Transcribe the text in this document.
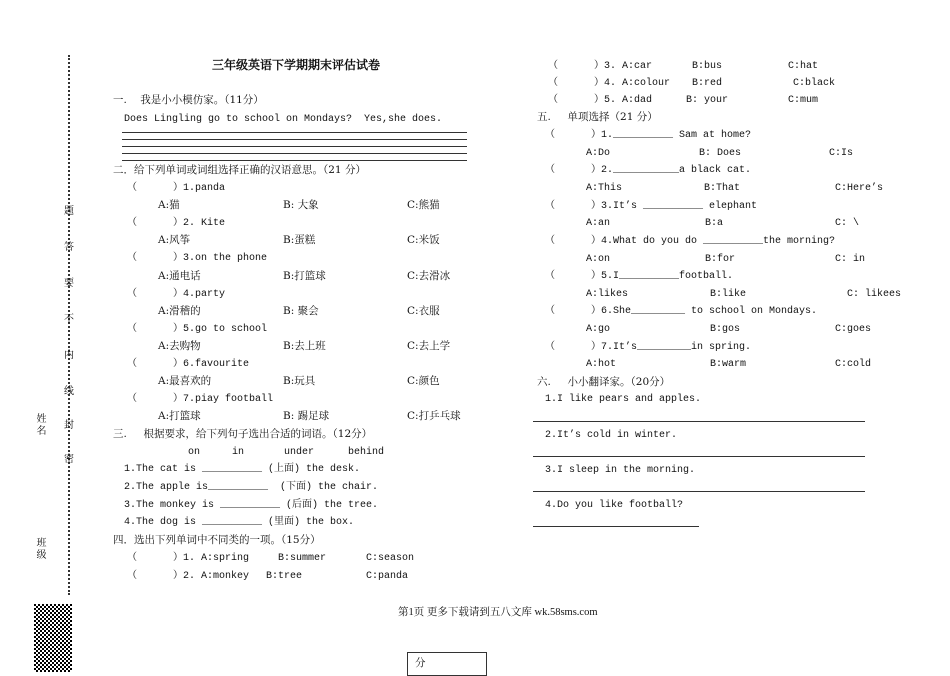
题
答
要
不
内
线
封
密
姓名
班级
三年级英语下学期期末评估试卷
一.    我是小小模仿家。（11分）
Does Lingling go to school on Mondays?  Yes,she does.
二．给下列单词或词组选择正确的汉语意思。（21 分）
（      ）1.panda
A:猫	B: 大象	C:熊猫
（      ）2. Kite
A:风筝	B:蛋糕	C:米饭
（      ）3.on the phone
A:通电话	B:打篮球	C:去滑冰
（      ）4.party
A:滑稽的	B: 聚会	C:衣服
（      ）5.go to school
A:去购物	B:去上班	C:去上学
（      ）6.favourite
A:最喜欢的	B:玩具	C:颜色
（      ）7.piay football
A:打篮球	B: 踢足球	C:打乒乓球
三.     根据要求，给下列句子选出合适的词语。（12分）
on	in	under	behind
1.The cat is __________ (上面) the desk.
2.The apple is__________  (下面) the chair.
3.The monkey is __________ (后面) the tree.
4.The dog is __________ (里面) the box.
四．选出下列单词中不同类的一项。（15分）
（      ）1. A:spring	B:summer	C:season
（      ）2. A:monkey B:tree	C:panda
（      ）3. A:car	B:bus	C:hat
（      ）4. A:colour B:red	C:black
（      ）5. A:dad	B: your	C:mum
五.     单项选择（21 分）
（      ）1.__________ Sam at home?
A:Do	B: Does	C:Is
（      ）2.___________a black cat.
A:This	B:That	C:Here’s
（      ）3.It’s __________ elephant
A:an	B:a	C: \
（      ）4.What do you do __________the morning?
A:on	B:for	C: in
（      ）5.I__________football.
A:likes	B:like	C: likees
（      ）6.She_________ to school on Mondays.
A:go	B:gos	C:goes
（      ）7.It’s_________in spring.
A:hot	B:warm	C:cold
六.     小小翻译家。（20分）
1.I like pears and apples.
2.It’s cold in winter.
3.I sleep in the morning.
4.Do you like football?
第1页 更多下载请到五八文库 wk.58sms.com
分
